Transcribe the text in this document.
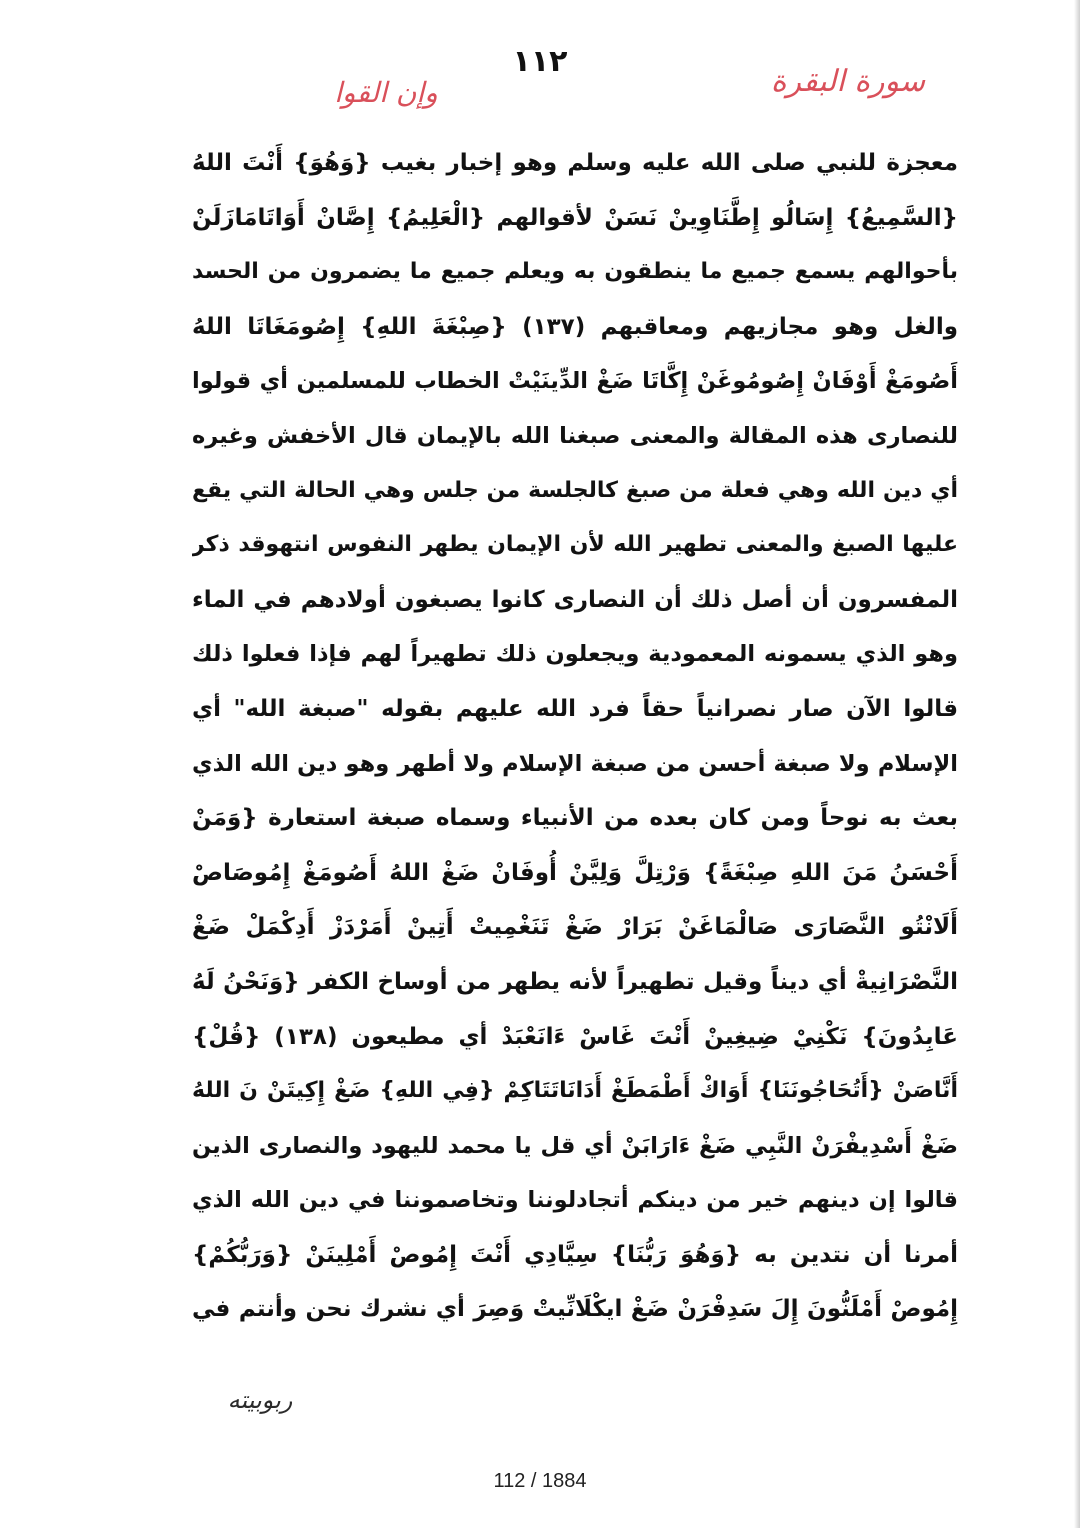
سورة البقرة
١١٢
وإن القوا
معجزة للنبي صلى الله عليه وسلم وهو إخبار بغيب {وَهُوَ} أَنْتَ اللهُ
{السَّمِيعُ} إِسَالُو إِطَّنَاوِينْ نَسَنْ لأقوالهم {الْعَلِيمُ} إِصَّانْ أَوَاتَامَازَلَنْ
بأحوالهم يسمع جميع ما ينطقون به ويعلم جميع ما يضمرون من الحسد
والغل وهو مجازيهم ومعاقبهم (١٣٧) {صِبْغَةَ اللهِ} إِصُومَغَاتَا اللهُ
أَصُومَغْ أَوْفَانْ إِصُومُوغَنْ إِكَّاتَا ضَغْ الدِّينَيْتْ الخطاب للمسلمين أي قولوا
للنصارى هذه المقالة والمعنى صبغنا الله بالإيمان قال الأخفش وغيره
أي دين الله وهي فعلة من صبغ كالجلسة من جلس وهي الحالة التي يقع
عليها الصبغ والمعنى تطهير الله لأن الإيمان يطهر النفوس انتهوقد ذكر
المفسرون أن أصل ذلك أن النصارى كانوا يصبغون أولادهم في الماء
وهو الذي يسمونه المعمودية ويجعلون ذلك تطهيراً لهم فإذا فعلوا ذلك
قالوا الآن صار نصرانياً حقاً فرد الله عليهم بقوله "صبغة الله" أي
الإسلام ولا صبغة أحسن من صبغة الإسلام ولا أطهر وهو دين الله الذي
بعث به نوحاً ومن كان بعده من الأنبياء وسماه صبغة استعارة {وَمَنْ
أَحْسَنُ مَنَ اللهِ صِبْغَةً} وَرْتِلَّ وَلِيَّنْ أُوفَانْ ضَغْ اللهُ أَصُومَغْ إِمُوصَاصْ
أَلَانْتُو النَّصَارَى صَالْمَاغَنْ بَرَارْ ضَغْ تَنَغْمِيتْ أَتِينْ أَمَرْدَزْ أَدِكْمَلْ ضَغْ
النَّصْرَانِيةْ أي ديناً وقيل تطهيراً لأنه يطهر من أوساخ الكفر {وَنَحْنُ لَهُ
عَابِدُونَ} نَكْنِيْ ضِيغِينْ أَنْتَ غَاسْ ءَانَعْبَدْ أي مطيعون (١٣٨) {قُلْ}
أَنَّاصَنْ {أَتُحَاجُونَنَا} أَوَاكْ أَطْمَطَغْ أَدَانَاتَتَاكِمْ {فِي اللهِ} ضَغْ إِكِيتَنْ نَ اللهُ
ضَغْ أَسْدِيفْرَنْ النَّبِي ضَغْ ءَارَابَنْ أي قل يا محمد لليهود والنصارى الذين
قالوا إن دينهم خير من دينكم أتجادلوننا وتخاصموننا في دين الله الذي
أمرنا أن نتدين به {وَهُوَ رَبُّنَا} سِيَّادِي أَنْتَ إِمُوصْ أَمْلِينَنْ {وَرَبُّكُمْ}
إِمُوصْ أَمْلَنُّونَ إِلَ سَدِفْرَنْ ضَغْ ايكْلَانِّيتْ وَصِرَ أي نشرك نحن وأنتم في
ربوبيته
112 / 1884
